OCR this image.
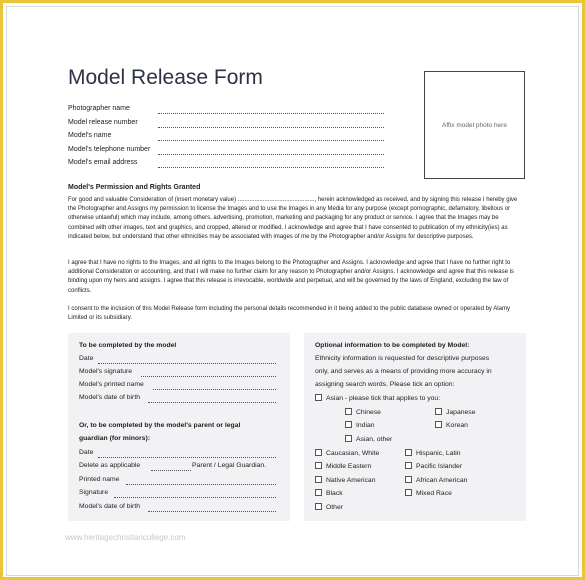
Model Release Form
Affix model photo here
Photographer name
Model release number
Model's name
Model's telephone number
Model's email address
Model's Permission and Rights Granted
For good and valuable Consideration of (insert monetary value) .............................................., herein acknowledged as received, and by signing this release I hereby give the Photographer and Assigns my permission to license the Images and to use the Images in any Media for any purpose (except pornographic, defamatory, libellous or otherwise unlawful) which may include, among others, advertising, promotion, marketing and packaging for any product or service. I agree that the Images may be combined with other images, text and graphics, and cropped, altered or modified. I acknowledge and agree that I have consented to publication of my ethnicity(ies) as indicated below, but understand that other ethnicities may be associated with images of me by the Photographer and/or Assigns for descriptive purposes.
I agree that I have no rights to the Images, and all rights to the Images belong to the Photographer and Assigns. I acknowledge and agree that I have no further right to additional Consideration or accounting, and that I will make no further claim for any reason to Photographer and/or Assigns. I acknowledge and agree that this release is binding upon my heirs and assigns. I agree that this release is irrevocable, worldwide and perpetual, and will be governed by the laws of England, excluding the law of conflicts.
I consent to the inclusion of this Model Release form including the personal details recommended in it being added to the public database owned or operated by Alamy Limited or its subsidiary.
To be completed by the model
Date
Model's signature
Model's printed name
Model's date of birth
Or, to be completed by the model's parent or legal
guardian (for minors):
Date
Delete as applicable	Parent / Legal Guardian.
Printed name
Signature
Model's date of birth
Optional information to be completed by Model:
Ethnicity information is requested for descriptive purposes
only, and serves as a means of providing more accuracy in
assigning search words. Please tick an option:
Asian - please tick that applies to you:
Chinese	Japanese
Indian	Korean
Asian, other
Caucasian, White	Hispanic, Latin
Middle Eastern	Pacific Islander
Native American	African American
Black	Mixed Race
Other
www.heritagechristiancollege.com
